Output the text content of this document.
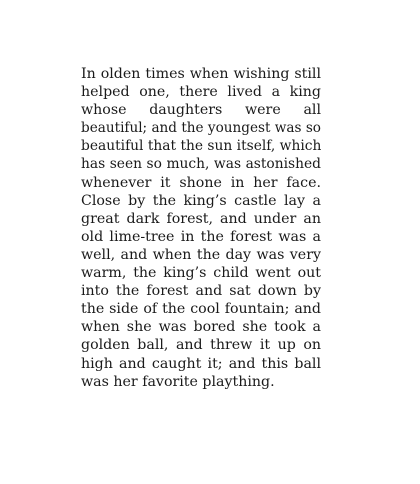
In olden times when wishing still
helped one, there lived a king
whose daughters were all
beautiful; and the youngest was so
beautiful that the sun itself, which
has seen so much, was astonished
whenever it shone in her face.
Close by the king’s castle lay a
great dark forest, and under an
old lime-tree in the forest was a
well, and when the day was very
warm, the king’s child went out
into the forest and sat down by
the side of the cool fountain; and
when she was bored she took a
golden ball, and threw it up on
high and caught it; and this ball
was her favorite plaything.
